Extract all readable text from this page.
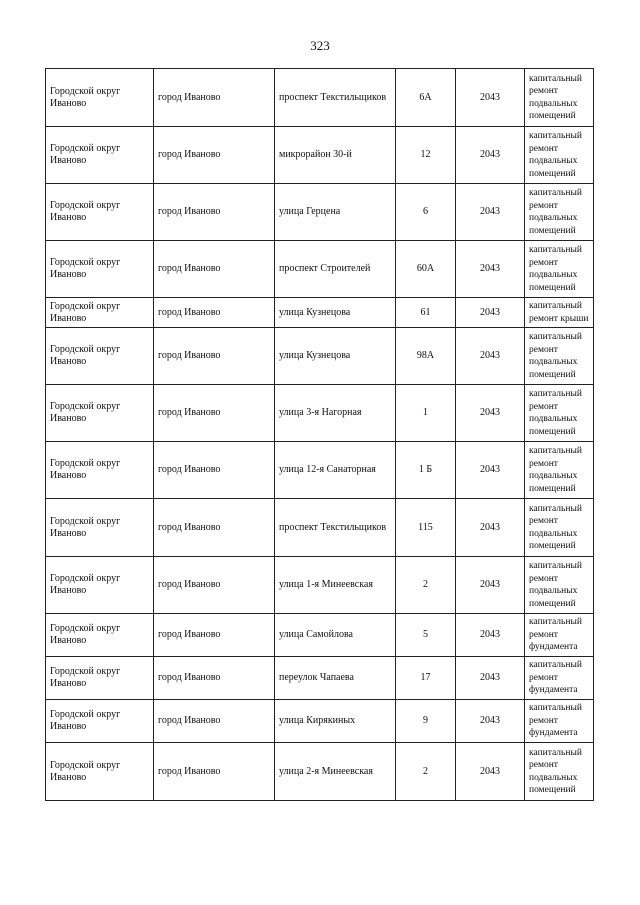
323
Городской округ Иваново	город Иваново	проспект Текстильщиков	6А	2043	капитальный ремонт подвальных помещений
Городской округ Иваново	город Иваново	микрорайон 30-й	12	2043	капитальный ремонт подвальных помещений
Городской округ Иваново	город Иваново	улица Герцена	6	2043	капитальный ремонт подвальных помещений
Городской округ Иваново	город Иваново	проспект Строителей	60А	2043	капитальный ремонт подвальных помещений
Городской округ Иваново	город Иваново	улица Кузнецова	61	2043	капитальный ремонт крыши
Городской округ Иваново	город Иваново	улица Кузнецова	98А	2043	капитальный ремонт подвальных помещений
Городской округ Иваново	город Иваново	улица 3-я Нагорная	1	2043	капитальный ремонт подвальных помещений
Городской округ Иваново	город Иваново	улица 12-я Санаторная	1 Б	2043	капитальный ремонт подвальных помещений
Городской округ Иваново	город Иваново	проспект Текстильщиков	115	2043	капитальный ремонт подвальных помещений
Городской округ Иваново	город Иваново	улица 1-я Минеевская	2	2043	капитальный ремонт подвальных помещений
Городской округ Иваново	город Иваново	улица Самойлова	5	2043	капитальный ремонт фундамента
Городской округ Иваново	город Иваново	переулок Чапаева	17	2043	капитальный ремонт фундамента
Городской округ Иваново	город Иваново	улица Кирякиных	9	2043	капитальный ремонт фундамента
Городской округ Иваново	город Иваново	улица 2-я Минеевская	2	2043	капитальный ремонт подвальных помещений
